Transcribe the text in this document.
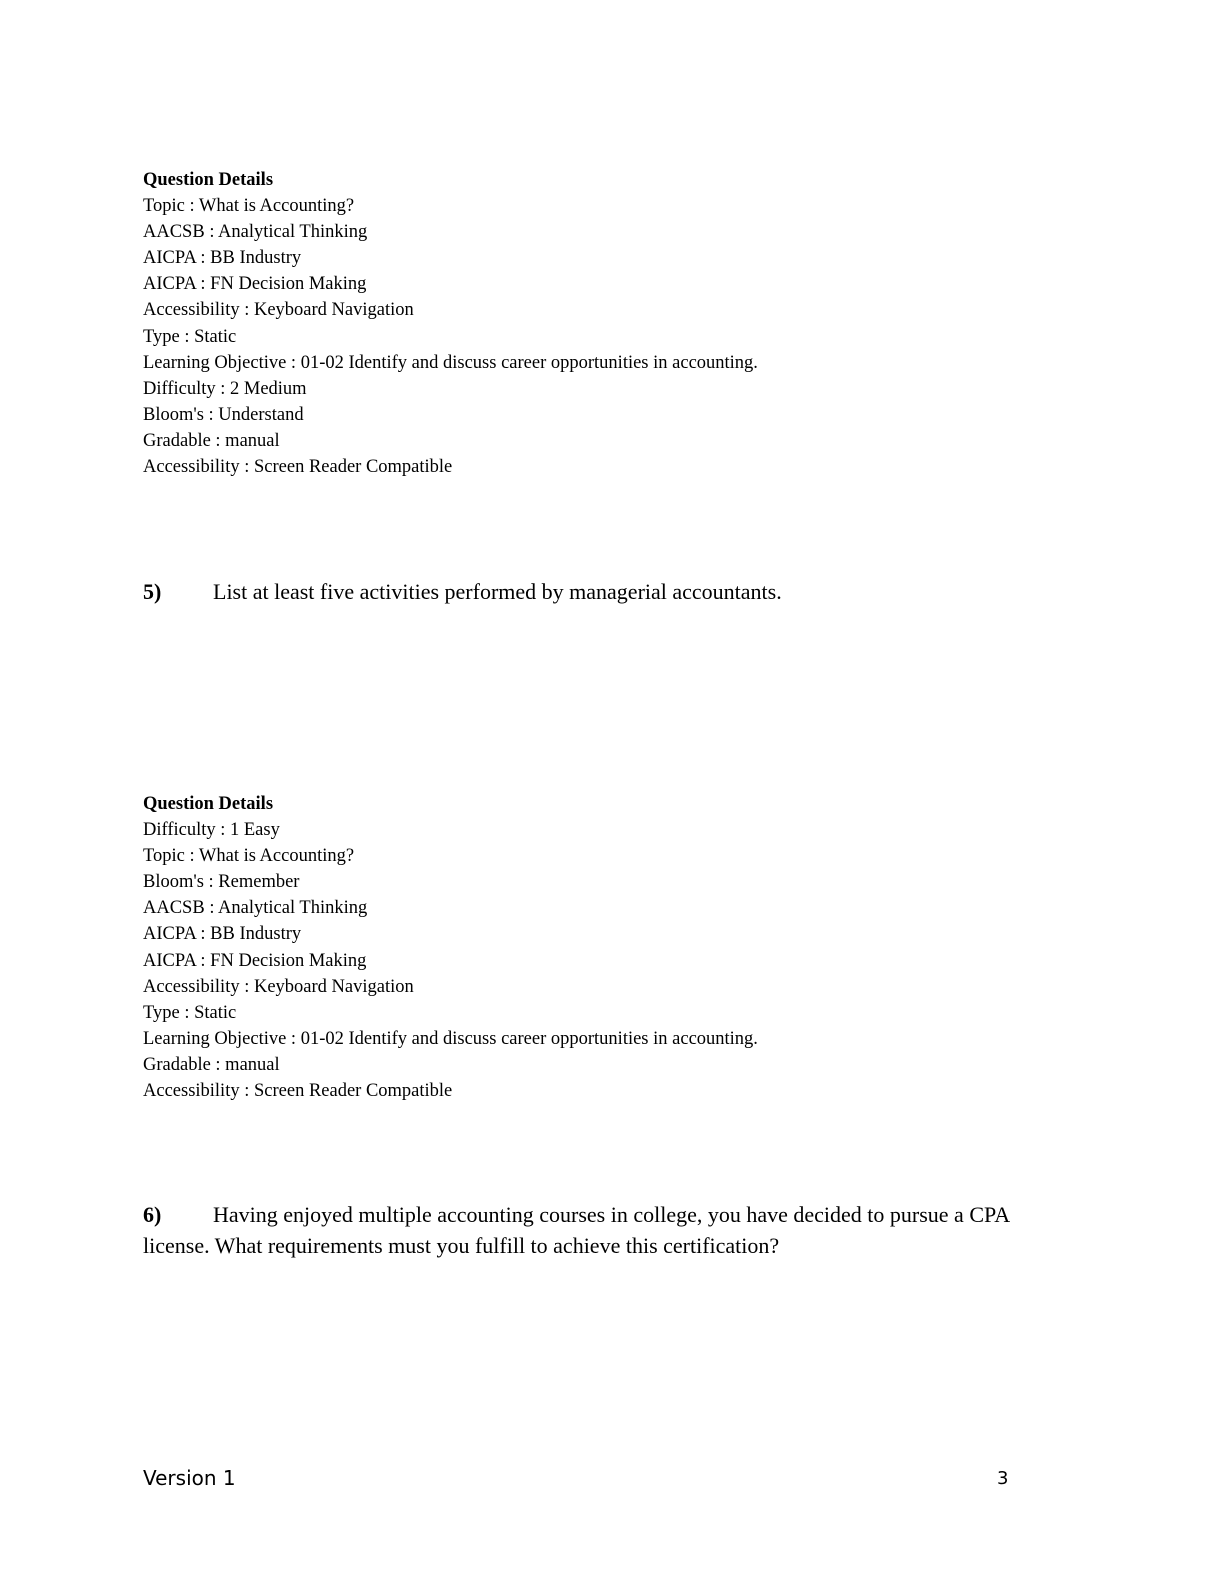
Question Details
Topic : What is Accounting?
AACSB : Analytical Thinking
AICPA : BB Industry
AICPA : FN Decision Making
Accessibility : Keyboard Navigation
Type : Static
Learning Objective : 01-02 Identify and discuss career opportunities in accounting.
Difficulty : 2 Medium
Bloom's : Understand
Gradable : manual
Accessibility : Screen Reader Compatible
5) List at least five activities performed by managerial accountants.
Question Details
Difficulty : 1 Easy
Topic : What is Accounting?
Bloom's : Remember
AACSB : Analytical Thinking
AICPA : BB Industry
AICPA : FN Decision Making
Accessibility : Keyboard Navigation
Type : Static
Learning Objective : 01-02 Identify and discuss career opportunities in accounting.
Gradable : manual
Accessibility : Screen Reader Compatible
6) Having enjoyed multiple accounting courses in college, you have decided to pursue a CPA license. What requirements must you fulfill to achieve this certification?
Version 1	3
